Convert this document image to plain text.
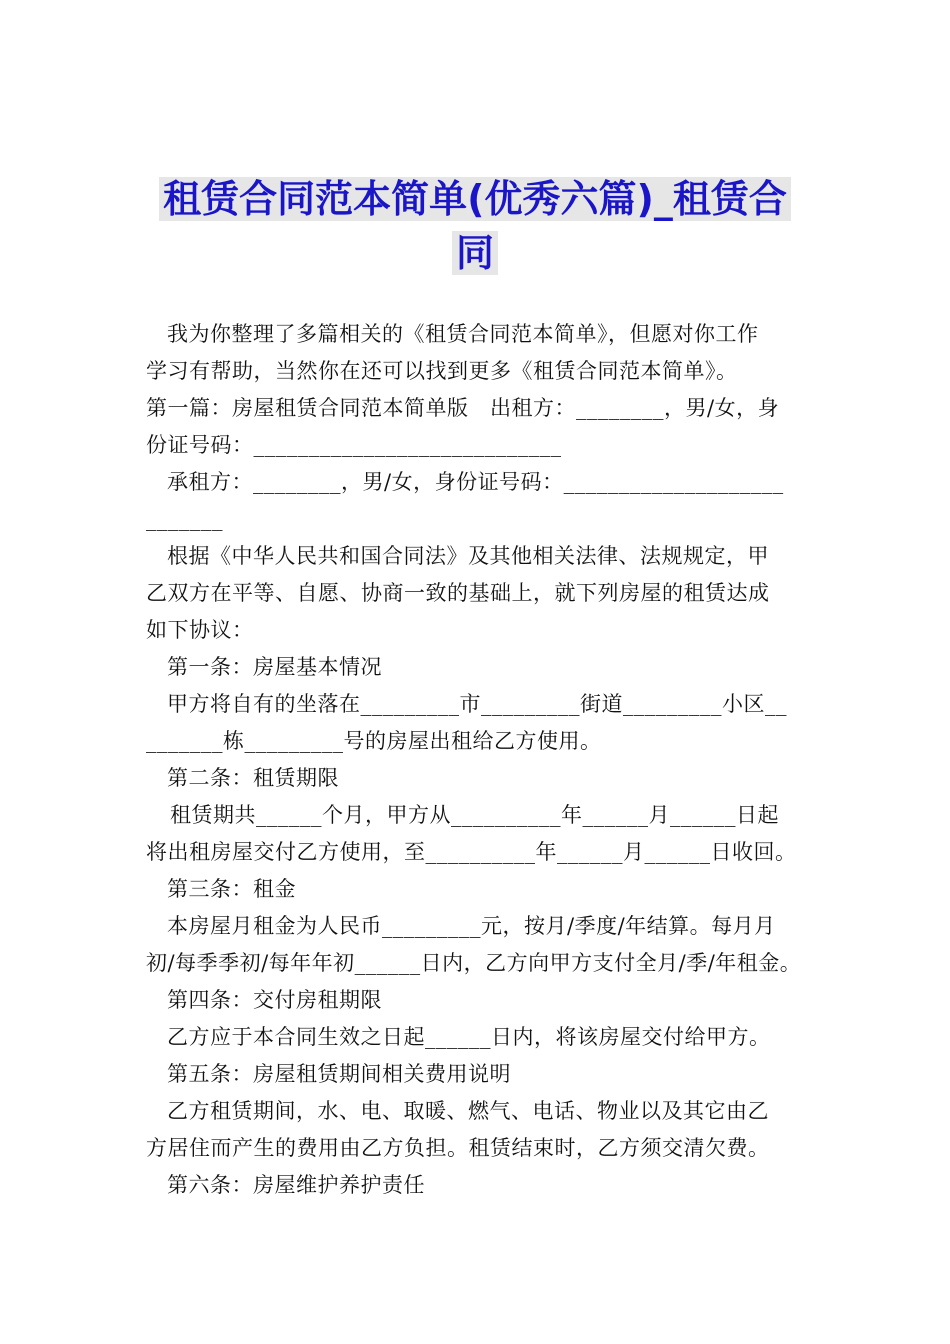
租赁合同范本简单(优秀六篇)_租赁合
同
我为你整理了多篇相关的《租赁合同范本简单》，但愿对你工作
学习有帮助，当然你在还可以找到更多《租赁合同范本简单》。
第一篇：房屋租赁合同范本简单版　出租方：________，男/女，身
份证号码：____________________________
承租方：________，男/女，身份证号码：____________________
_______
根据《中华人民共和国合同法》及其他相关法律、法规规定，甲
乙双方在平等、自愿、协商一致的基础上，就下列房屋的租赁达成
如下协议：
第一条：房屋基本情况
甲方将自有的坐落在_________市_________街道_________小区__
_______栋_________号的房屋出租给乙方使用。
第二条：租赁期限
租赁期共______个月，甲方从__________年______月______日起
将出租房屋交付乙方使用，至__________年______月______日收回。
第三条：租金
本房屋月租金为人民币_________元，按月/季度/年结算。每月月
初/每季季初/每年年初______日内，乙方向甲方支付全月/季/年租金。
第四条：交付房租期限
乙方应于本合同生效之日起______日内，将该房屋交付给甲方。
第五条：房屋租赁期间相关费用说明
乙方租赁期间，水、电、取暖、燃气、电话、物业以及其它由乙
方居住而产生的费用由乙方负担。租赁结束时，乙方须交清欠费。
第六条：房屋维护养护责任
